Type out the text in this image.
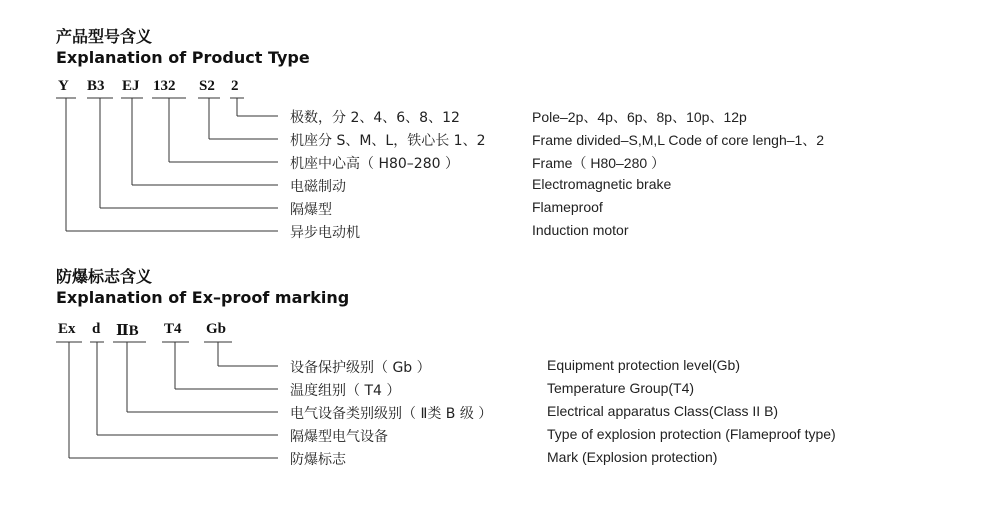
产品型号含义
Explanation of Product Type
Y B3 EJ 132 S2 2
极数，分 2、4、6、8、12	Pole–2p、4p、6p、8p、10p、12p
机座分 S、M、L，铁心长 1、2	Frame divided–S,M,L Code of core lengh–1、2
机座中心高（ H80–280 ）	Frame（ H80–280 ）
电磁制动	Electromagnetic brake
隔爆型	Flameproof
异步电动机	Induction motor
防爆标志含义
Explanation of Ex–proof marking
Ex d ⅡB T4 Gb
设备保护级别（ Gb ）	Equipment protection level(Gb)
温度组别（ T4 ）	Temperature Group(T4)
电气设备类别级别（ Ⅱ类 B 级 ）	Electrical apparatus Class(Class II B)
隔爆型电气设备	Type of explosion protection (Flameproof type)
防爆标志	Mark (Explosion protection)
